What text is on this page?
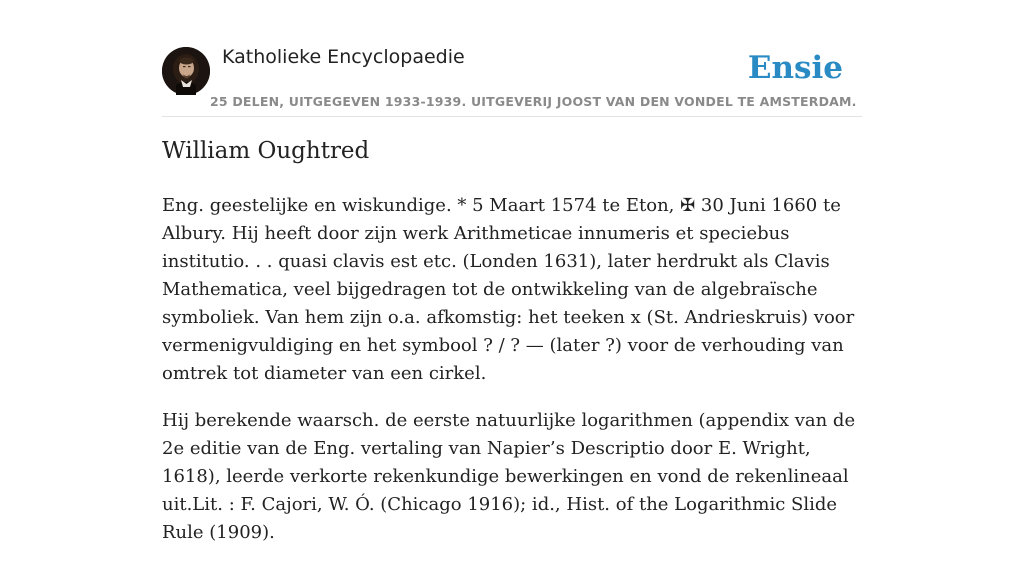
Katholieke Encyclopaedie
25 DELEN, UITGEGEVEN 1933-1939. UITGEVERIJ JOOST VAN DEN VONDEL TE AMSTERDAM.
Ensie
William Oughtred

Eng. geestelijke en wiskundige. * 5 Maart 1574 te Eton, ✠ 30 Juni 1660 te Albury. Hij heeft door zijn werk Arithmeticae innumeris et speciebus institutio. . . quasi clavis est etc. (Londen 1631), later herdrukt als Clavis Mathematica, veel bijgedragen tot de ontwikkeling van de algebraïsche symboliek. Van hem zijn o.a. afkomstig: het teeken x (St. Andrieskruis) voor vermenigvuldiging en het symbool ? / ? — (later ?) voor de verhouding van omtrek tot diameter van een cirkel.

Hij berekende waarsch. de eerste natuurlijke logarithmen (appendix van de 2e editie van de Eng. vertaling van Napier’s Descriptio door E. Wright, 1618), leerde verkorte rekenkundige bewerkingen en vond de rekenlineaal uit.Lit. : F. Cajori, W. Ó. (Chicago 1916); id., Hist. of the Logarithmic Slide Rule (1909).
